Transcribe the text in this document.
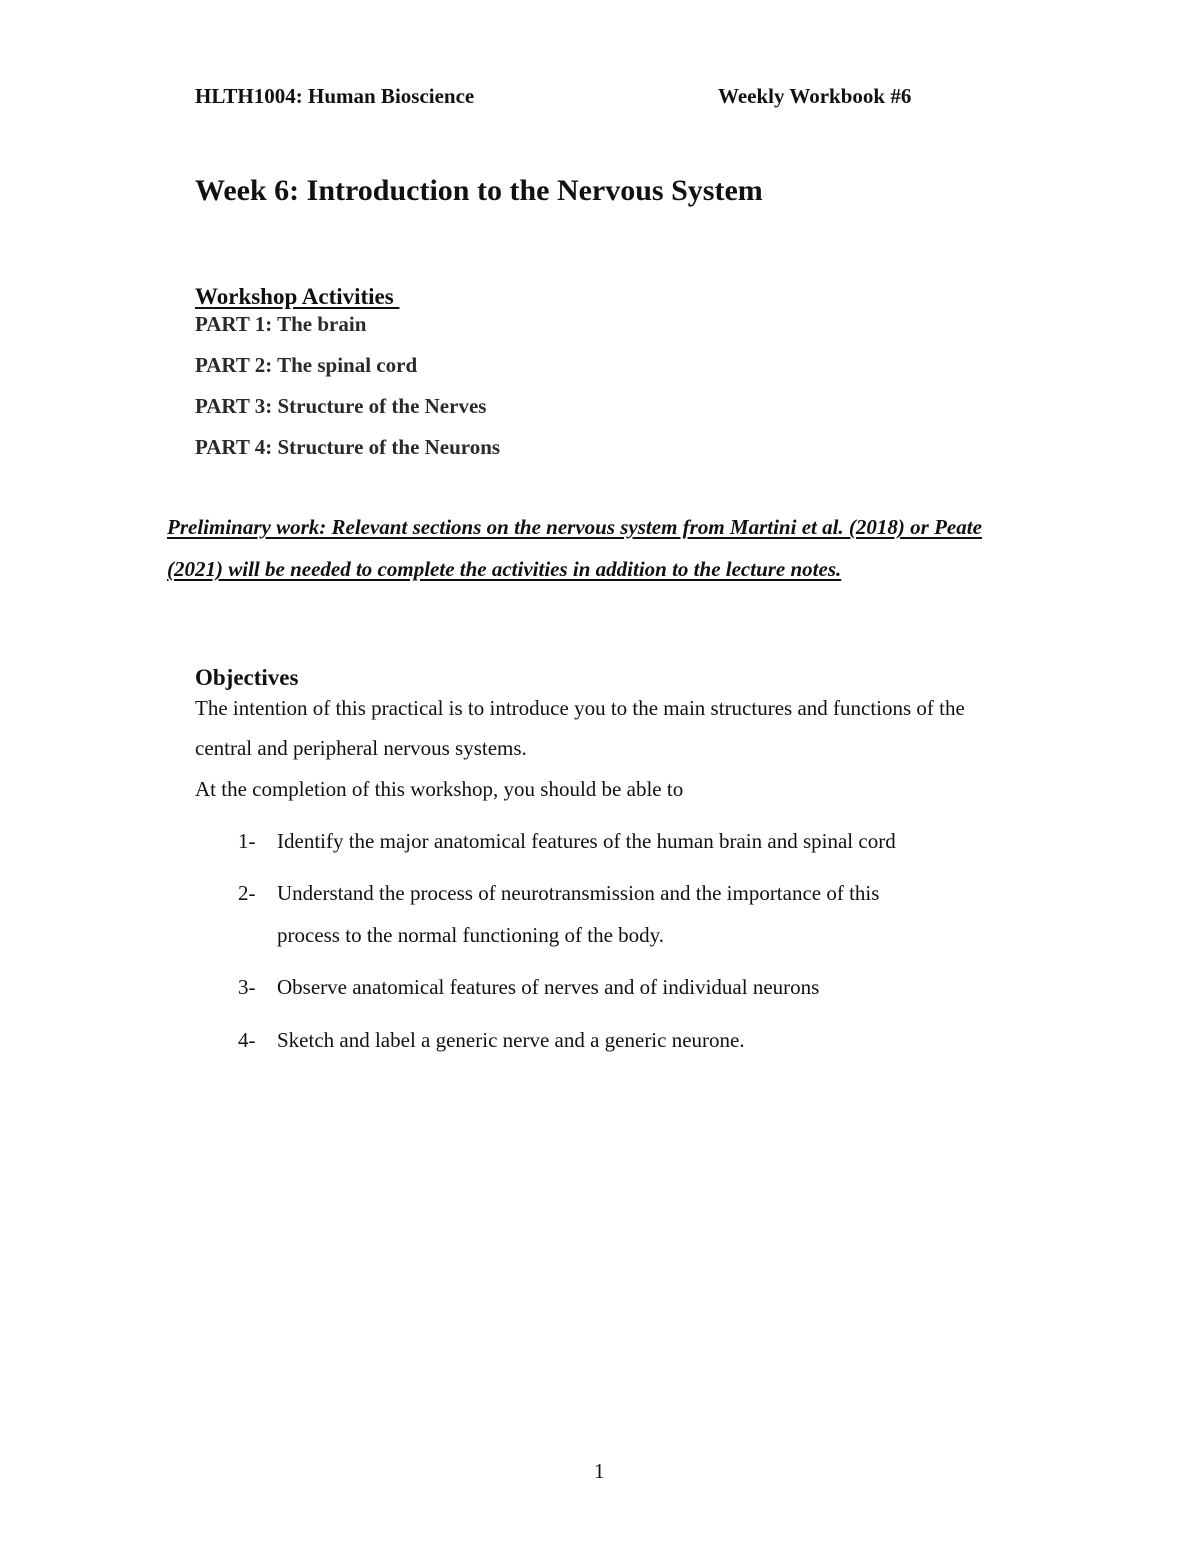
HLTH1004: Human Bioscience	Weekly Workbook #6
Week 6: Introduction to the Nervous System
Workshop Activities
PART 1: The brain
PART 2: The spinal cord
PART 3: Structure of the Nerves
PART 4: Structure of the Neurons
Preliminary work: Relevant sections on the nervous system from Martini et al. (2018) or Peate
(2021) will be needed to complete the activities in addition to the lecture notes.
Objectives
The intention of this practical is to introduce you to the main structures and functions of the
central and peripheral nervous systems.
At the completion of this workshop, you should be able to
1- Identify the major anatomical features of the human brain and spinal cord
2- Understand the process of neurotransmission and the importance of this
process to the normal functioning of the body.
3- Observe anatomical features of nerves and of individual neurons
4- Sketch and label a generic nerve and a generic neurone.
1
